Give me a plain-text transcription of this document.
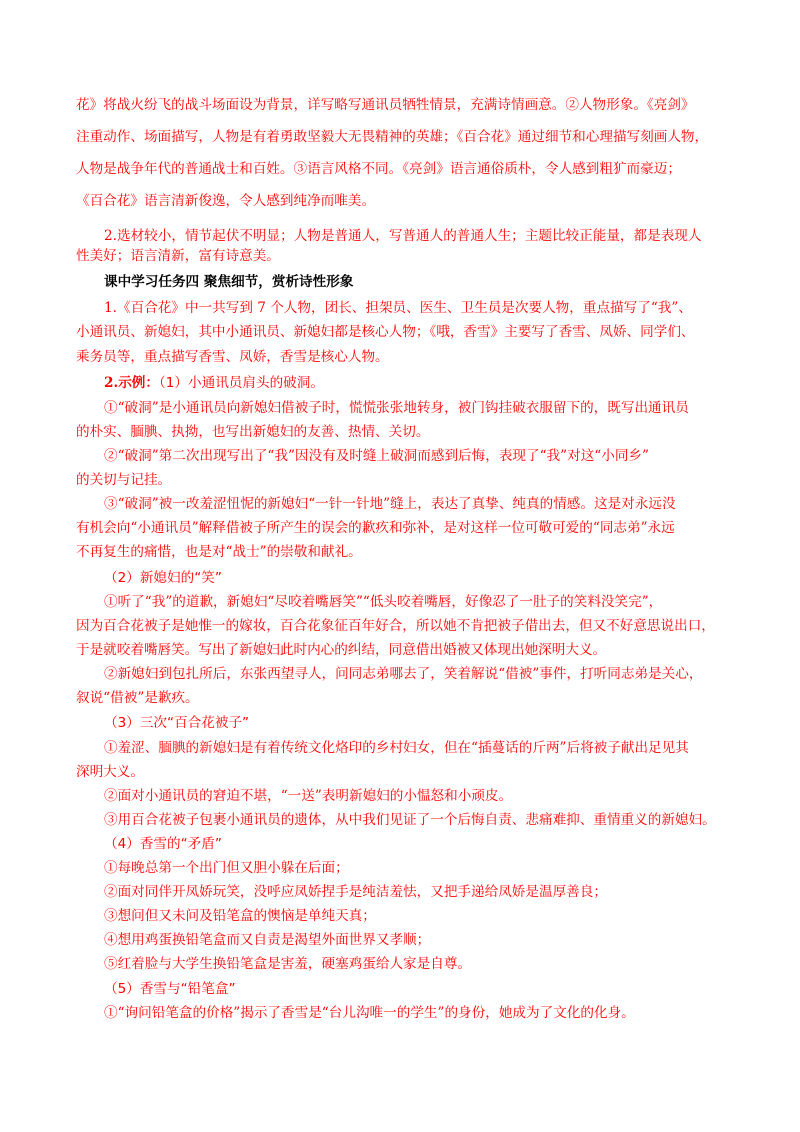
花》将战火纷飞的战斗场面设为背景，详写略写通讯员牺牲情景，充满诗情画意。②人物形象。《亮剑》
注重动作、场面描写，人物是有着勇敢坚毅大无畏精神的英雄；《百合花》通过细节和心理描写刻画人物，
人物是战争年代的普通战士和百姓。③语言风格不同。《亮剑》语言通俗质朴，令人感到粗犷而豪迈；
《百合花》语言清新俊逸，令人感到纯净而唯美。
2.选材较小，情节起伏不明显；人物是普通人，写普通人的普通人生；主题比较正能量，都是表现人
性美好；语言清新，富有诗意美。
课中学习任务四 聚焦细节，赏析诗性形象
1.《百合花》中一共写到 7 个人物，团长、担架员、医生、卫生员是次要人物，重点描写了“我”、
小通讯员、新媳妇，其中小通讯员、新媳妇都是核心人物；《哦，香雪》主要写了香雪、凤娇、同学们、
乘务员等，重点描写香雪、凤娇，香雪是核心人物。
2.示例：（1）小通讯员肩头的破洞。
①“破洞”是小通讯员向新媳妇借被子时，慌慌张张地转身，被门钩挂破衣服留下的，既写出通讯员
的朴实、腼腆、执拗，也写出新媳妇的友善、热情、关切。
②“破洞”第二次出现写出了“我”因没有及时缝上破洞而感到后悔，表现了“我”对这“小同乡”
的关切与记挂。
③“破洞”被一改羞涩忸怩的新媳妇“一针一针地”缝上，表达了真挚、纯真的情感。这是对永远没
有机会向“小通讯员”解释借被子所产生的误会的歉疚和弥补，是对这样一位可敬可爱的“同志弟”永远
不再复生的痛惜，也是对“战士”的崇敬和献礼。
（2）新媳妇的“笑”
①听了“我”的道歉，新媳妇“尽咬着嘴唇笑”“低头咬着嘴唇，好像忍了一肚子的笑料没笑完”，
因为百合花被子是她惟一的嫁妆，百合花象征百年好合，所以她不肯把被子借出去，但又不好意思说出口，
于是就咬着嘴唇笑。写出了新媳妇此时内心的纠结，同意借出婚被又体现出她深明大义。
②新媳妇到包扎所后，东张西望寻人，问同志弟哪去了，笑着解说“借被”事件，打听同志弟是关心，
叙说“借被”是歉疚。
（3）三次“百合花被子”
①羞涩、腼腆的新媳妇是有着传统文化烙印的乡村妇女，但在“插蔓话的斤两”后将被子献出足见其
深明大义。
②面对小通讯员的窘迫不堪，“一送”表明新媳妇的小愠怒和小顽皮。
③用百合花被子包裹小通讯员的遗体，从中我们见证了一个后悔自责、悲痛难抑、重情重义的新媳妇。
（4）香雪的“矛盾”
①每晚总第一个出门但又胆小躲在后面；
②面对同伴开凤娇玩笑，没呼应凤娇捏手是纯洁羞怯，又把手递给凤娇是温厚善良；
③想问但又未问及铅笔盒的懊恼是单纯天真；
④想用鸡蛋换铅笔盒而又自责是渴望外面世界又孝顺；
⑤红着脸与大学生换铅笔盒是害羞，硬塞鸡蛋给人家是自尊。
（5）香雪与“铅笔盒”
①“询问铅笔盒的价格”揭示了香雪是“台儿沟唯一的学生”的身份，她成为了文化的化身。
